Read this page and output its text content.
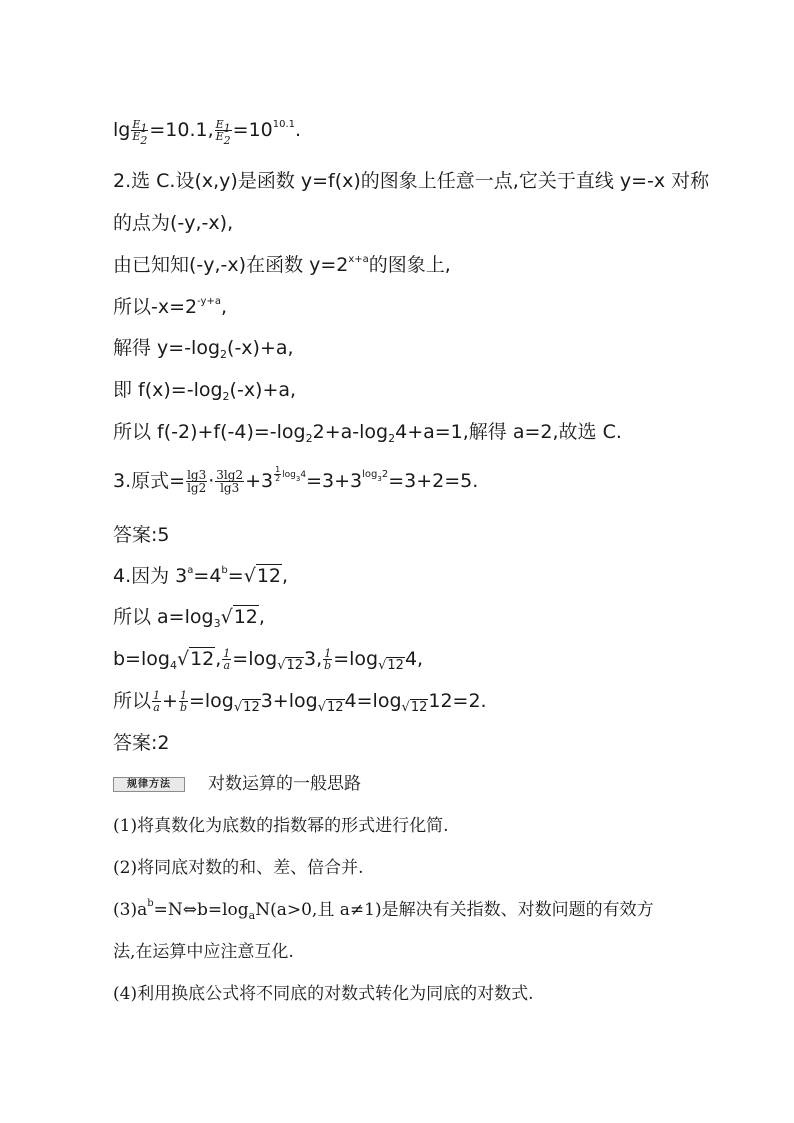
$\lg \frac{E_1}{E_2} =10.1$, $\frac{E_1}{E_2} =10^{10.1}$.
2.选 C.设(x,y)是函数 y=f(x)的图象上任意一点,它关于直线 y=-x 对称
的点为(-y,-x),
由已知知(-y,-x)在函数 $y=2^{x+a}$的图象上,
所以$-x=2^{-y+a}$,
解得 $y=-\log_2(-x)+a$,
即 $f(x)=-\log_2(-x)+a$,
所以 $f(-2)+f(-4)=-\log_22+a-\log_24+a=1$,解得 a=2,故选 C.
3.原式= $\frac{\lg 3}{\lg 2} \cdot \frac{3\lg 2}{\lg 3} +3$ $^{\frac{1}{2} log_34}=3+3^{log_32}=3+2=5$.
答案:5
4.因为 $3^a=4^b=√12$,
所以 $a=\log_3√12$,
$b=\log_4√12$, $\frac{1}{a} =\log_{√12}3$, $\frac{1}{b} =\log_{√12}4$,
所以 $\frac{1}{a} + \frac{1}{b} =\log_{√12}3+\log_{√12}4=\log_{√12}12=2$.
答案:2
规律方法	对数运算的一般思路
(1)将真数化为底数的指数幂的形式进行化简.
(2)将同底对数的和、差、倍合并.
$(3)a^b=N\Leftrightarrow b=\log_aN(a>0$,且 a≠1)是解决有关指数、对数问题的有效方
法,在运算中应注意互化.
(4)利用换底公式将不同底的对数式转化为同底的对数式.
